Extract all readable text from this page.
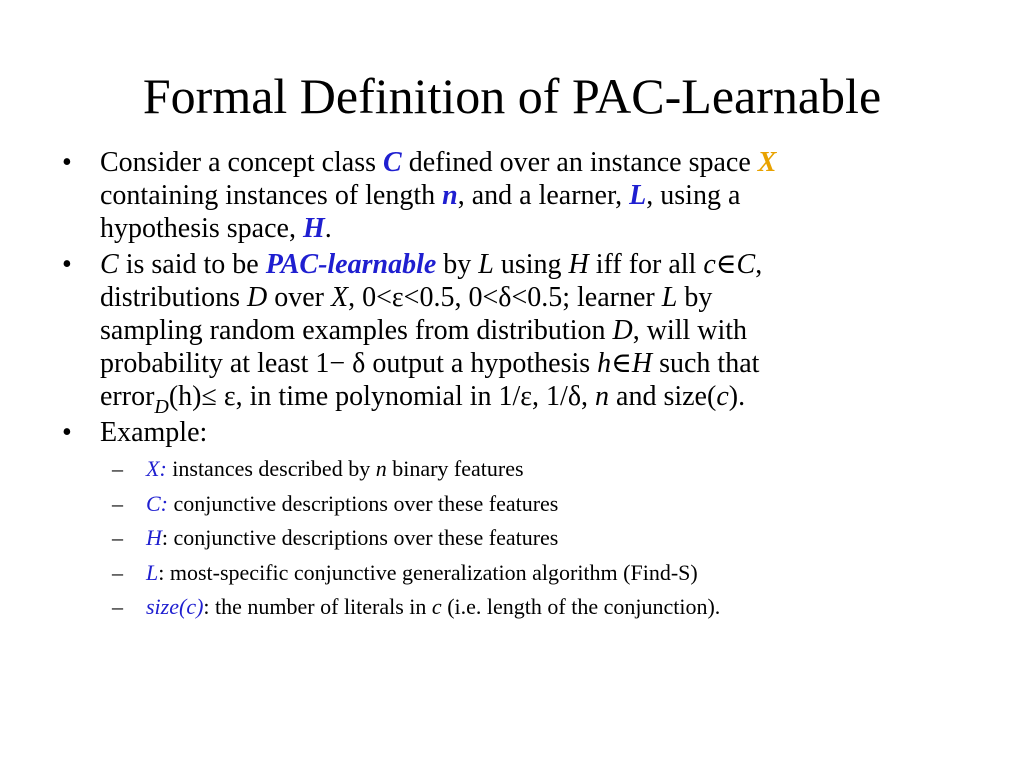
Formal Definition of PAC-Learnable
• Consider a concept class C defined over an instance space X
containing instances of length n, and a learner, L, using a
hypothesis space, H.
• C is said to be PAC-learnable by L using H iff for all c∈C,
distributions D over X, 0<ε<0.5, 0<δ<0.5; learner L by
sampling random examples from distribution D, will with
probability at least 1− δ output a hypothesis h∈H such that
error$_D$(h)≤ ε, in time polynomial in 1/ε, 1/δ, n and size(c).
• Example:
– X: instances described by n binary features
– C: conjunctive descriptions over these features
– H: conjunctive descriptions over these features
– L: most-specific conjunctive generalization algorithm (Find-S)
– size(c): the number of literals in c (i.e. length of the conjunction).
